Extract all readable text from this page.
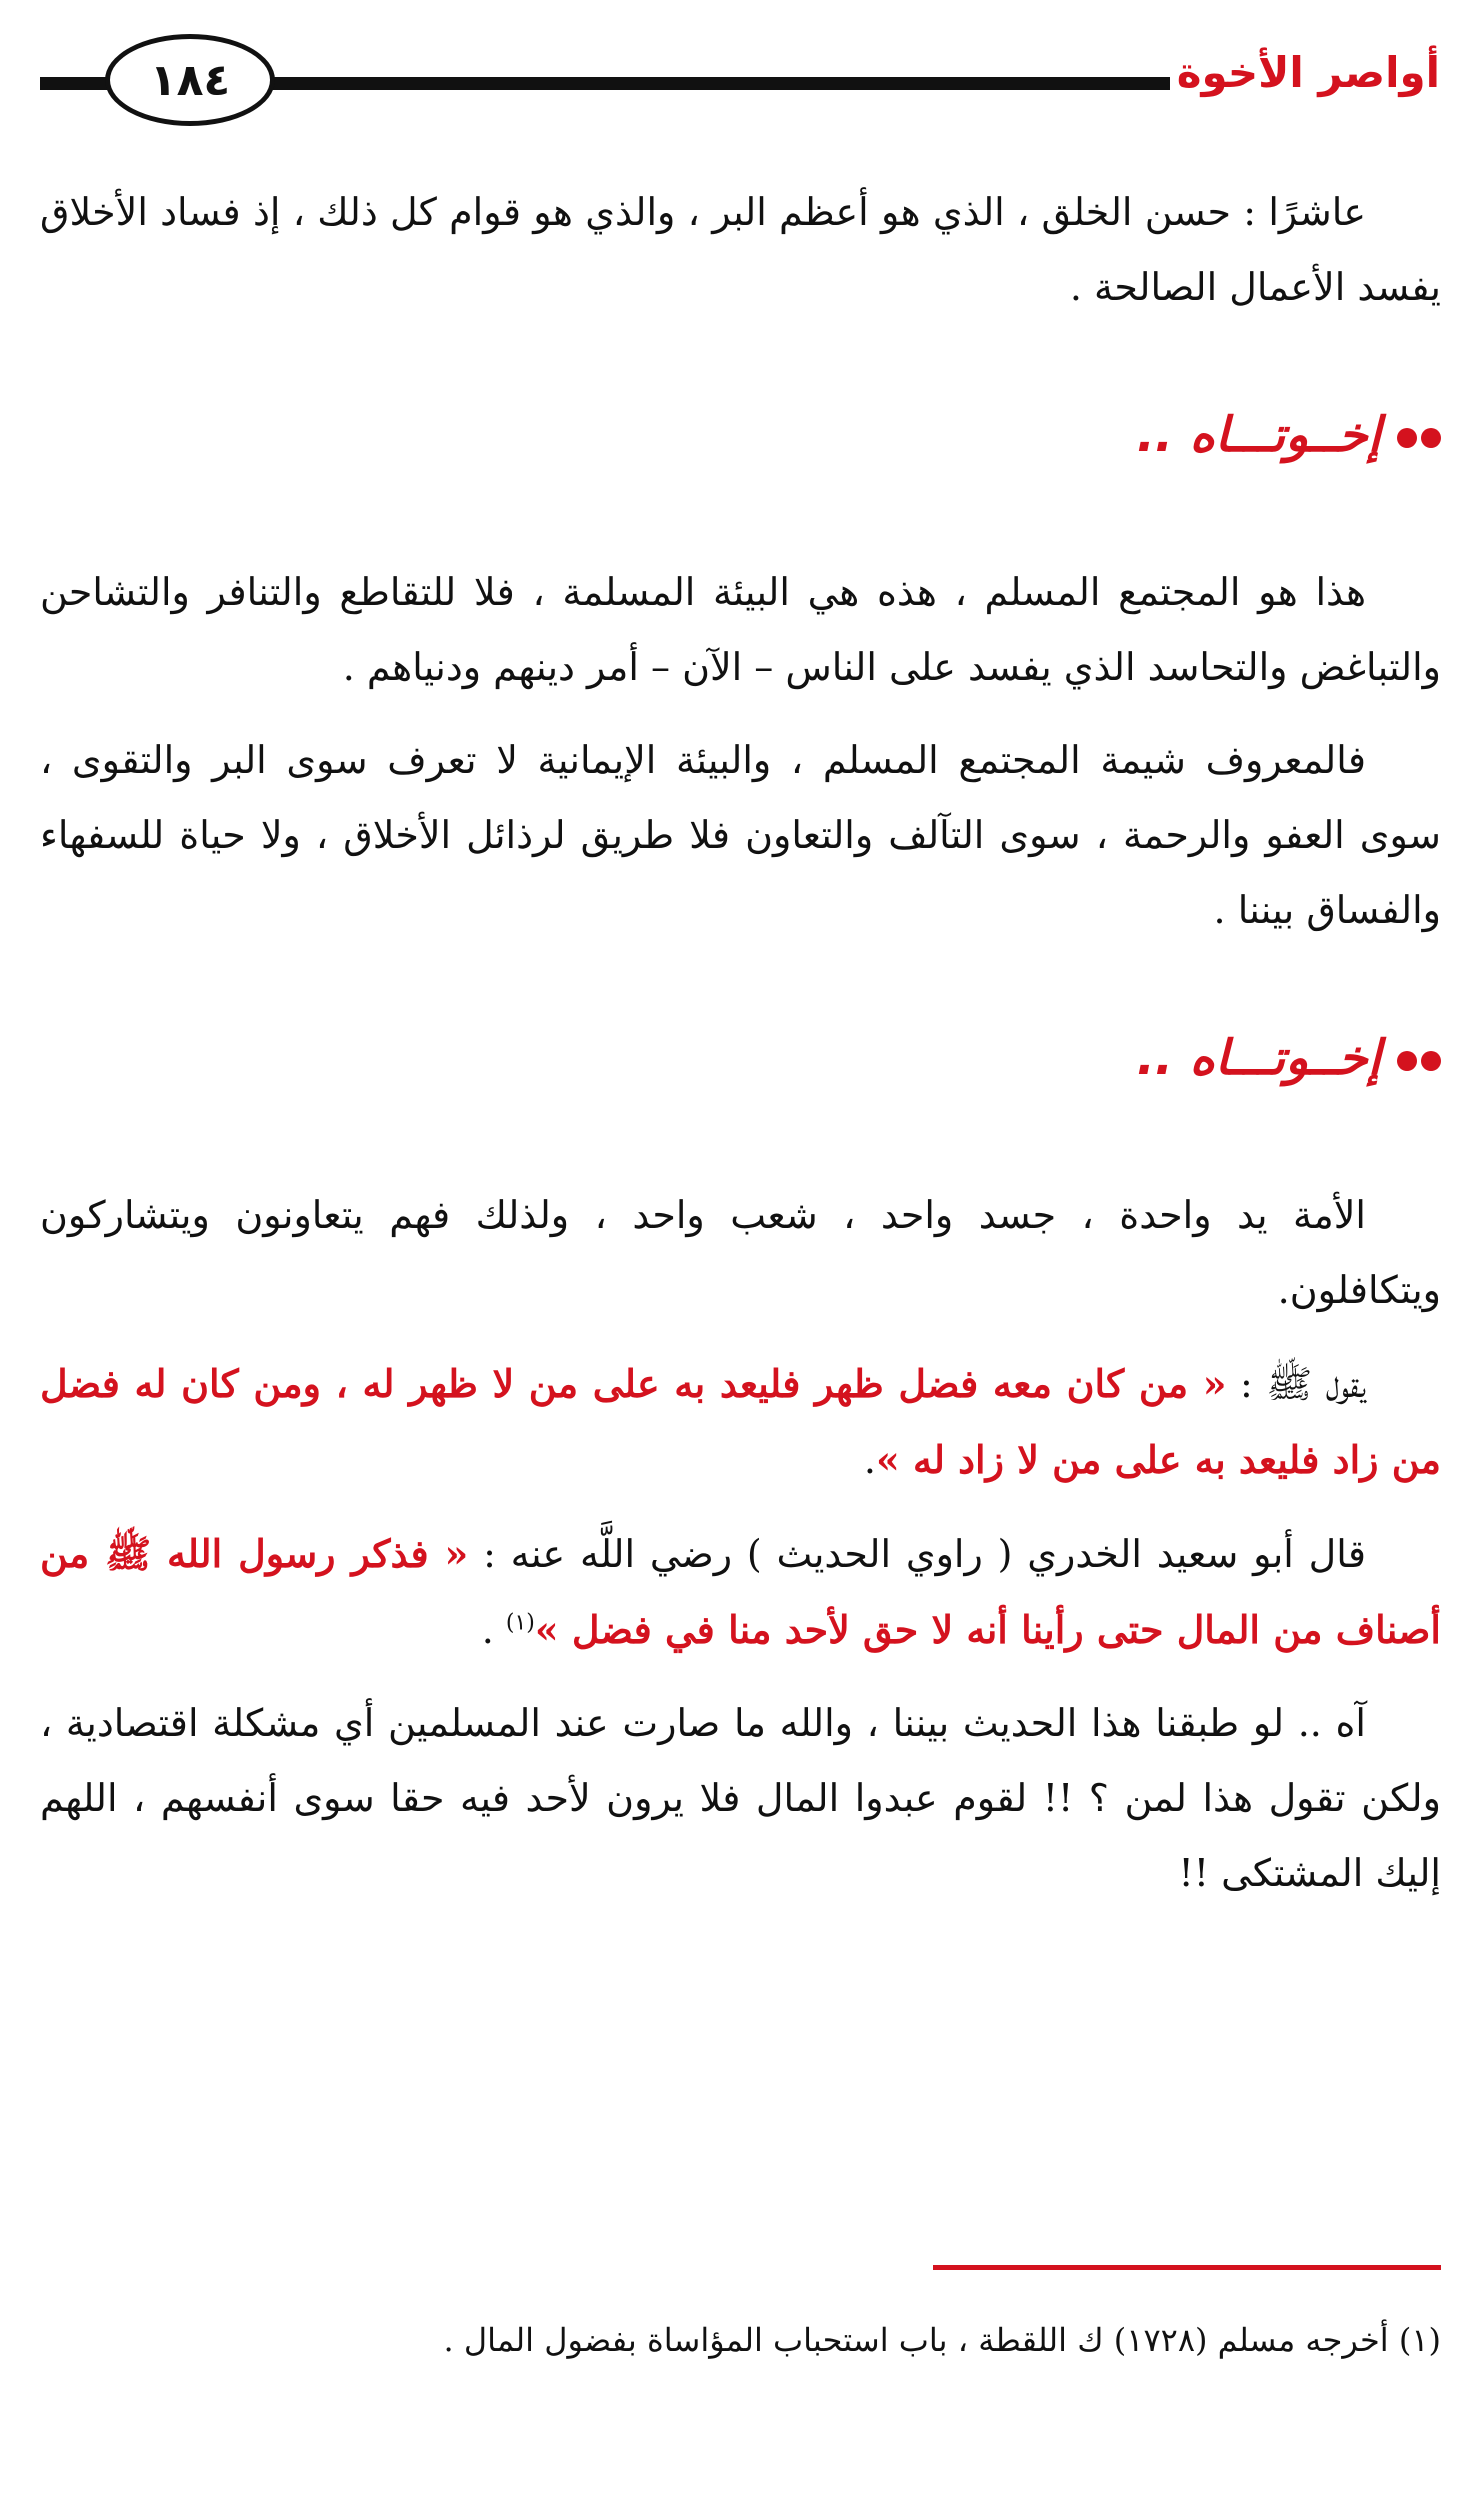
١٨٤	أواصر الأخوة

عاشرًا : حسن الخلق ، الذي هو أعظم البر ، والذي هو قوام كل ذلك ، إذ فساد الأخلاق يفسد الأعمال الصالحة .

إخــوتـــاه ..

هذا هو المجتمع المسلم ، هذه هي البيئة المسلمة ، فلا للتقاطع والتنافر والتشاحن والتباغض والتحاسد الذي يفسد على الناس – الآن – أمر دينهم ودنياهم .

فالمعروف شيمة المجتمع المسلم ، والبيئة الإيمانية لا تعرف سوى البر والتقوى ، سوى العفو والرحمة ، سوى التآلف والتعاون فلا طريق لرذائل الأخلاق ، ولا حياة للسفهاء والفساق بيننا .

إخــوتـــاه ..

الأمة يد واحدة ، جسد واحد ، شعب واحد ، ولذلك فهم يتعاونون ويتشاركون ويتكافلون.

يقول ﷺ : « من كان معه فضل ظهر فليعد به على من لا ظهر له ، ومن كان له فضل من زاد فليعد به على من لا زاد له ».

قال أبو سعيد الخدري ( راوي الحديث ) رضي اللَّه عنه : « فذكر رسول الله ﷺ من أصناف من المال حتى رأينا أنه لا حق لأحد منا في فضل »$^{(١)}$ .

آه .. لو طبقنا هذا الحديث بيننا ، والله ما صارت عند المسلمين أي مشكلة اقتصادية ، ولكن تقول هذا لمن ؟ !! لقوم عبدوا المال فلا يرون لأحد فيه حقا سوى أنفسهم ، اللهم إليك المشتكى !!

(١) أخرجه مسلم (١٧٢٨) ك اللقطة ، باب استحباب المؤاساة بفضول المال .
